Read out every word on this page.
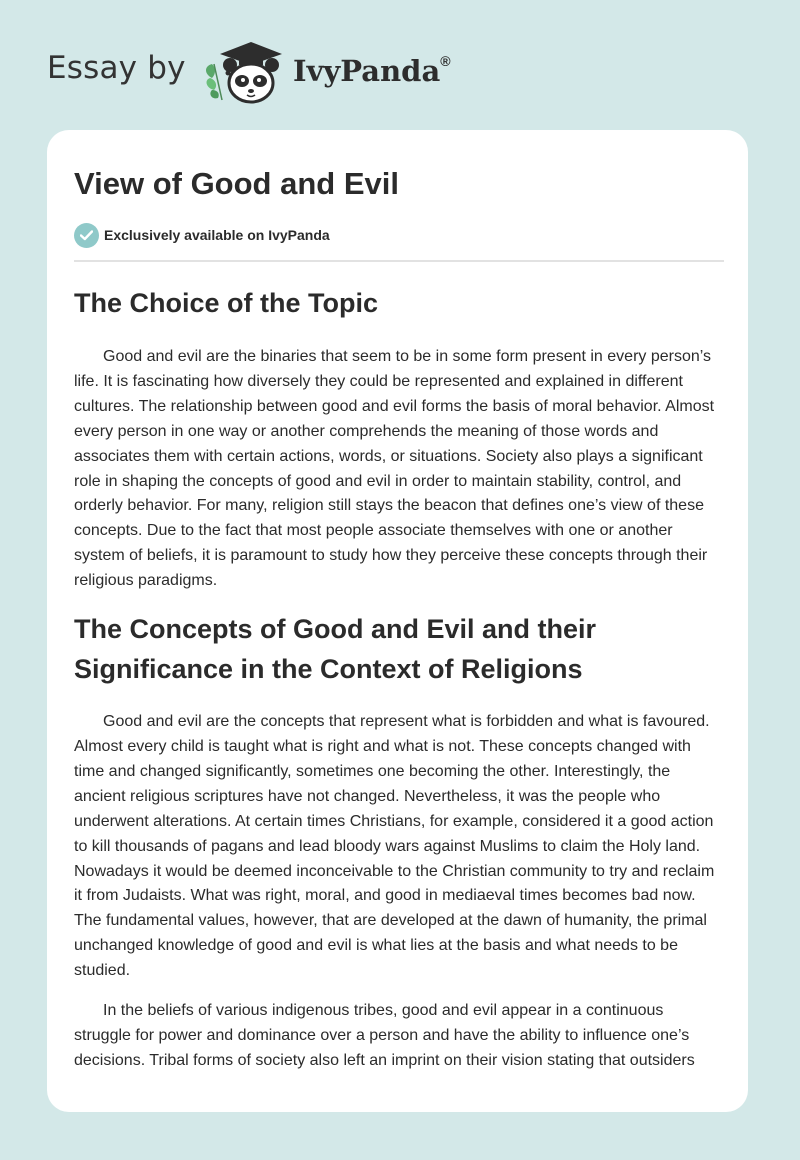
Essay by	IvyPanda®
View of Good and Evil
Exclusively available on IvyPanda
The Choice of the Topic

Good and evil are the binaries that seem to be in some form present in every person’s life. It is fascinating how diversely they could be represented and explained in different cultures. The relationship between good and evil forms the basis of moral behavior. Almost every person in one way or another comprehends the meaning of those words and associates them with certain actions, words, or situations. Society also plays a significant role in shaping the concepts of good and evil in order to maintain stability, control, and orderly behavior. For many, religion still stays the beacon that defines one’s view of these concepts. Due to the fact that most people associate themselves with one or another system of beliefs, it is paramount to study how they perceive these concepts through their religious paradigms.

The Concepts of Good and Evil and their Significance in the Context of Religions

Good and evil are the concepts that represent what is forbidden and what is favoured. Almost every child is taught what is right and what is not. These concepts changed with time and changed significantly, sometimes one becoming the other. Interestingly, the ancient religious scriptures have not changed. Nevertheless, it was the people who underwent alterations. At certain times Christians, for example, considered it a good action to kill thousands of pagans and lead bloody wars against Muslims to claim the Holy land. Nowadays it would be deemed inconceivable to the Christian community to try and reclaim it from Judaists. What was right, moral, and good in mediaeval times becomes bad now. The fundamental values, however, that are developed at the dawn of humanity, the primal unchanged knowledge of good and evil is what lies at the basis and what needs to be studied.

In the beliefs of various indigenous tribes, good and evil appear in a continuous struggle for power and dominance over a person and have the ability to influence one’s decisions. Tribal forms of society also left an imprint on their vision stating that outsiders
